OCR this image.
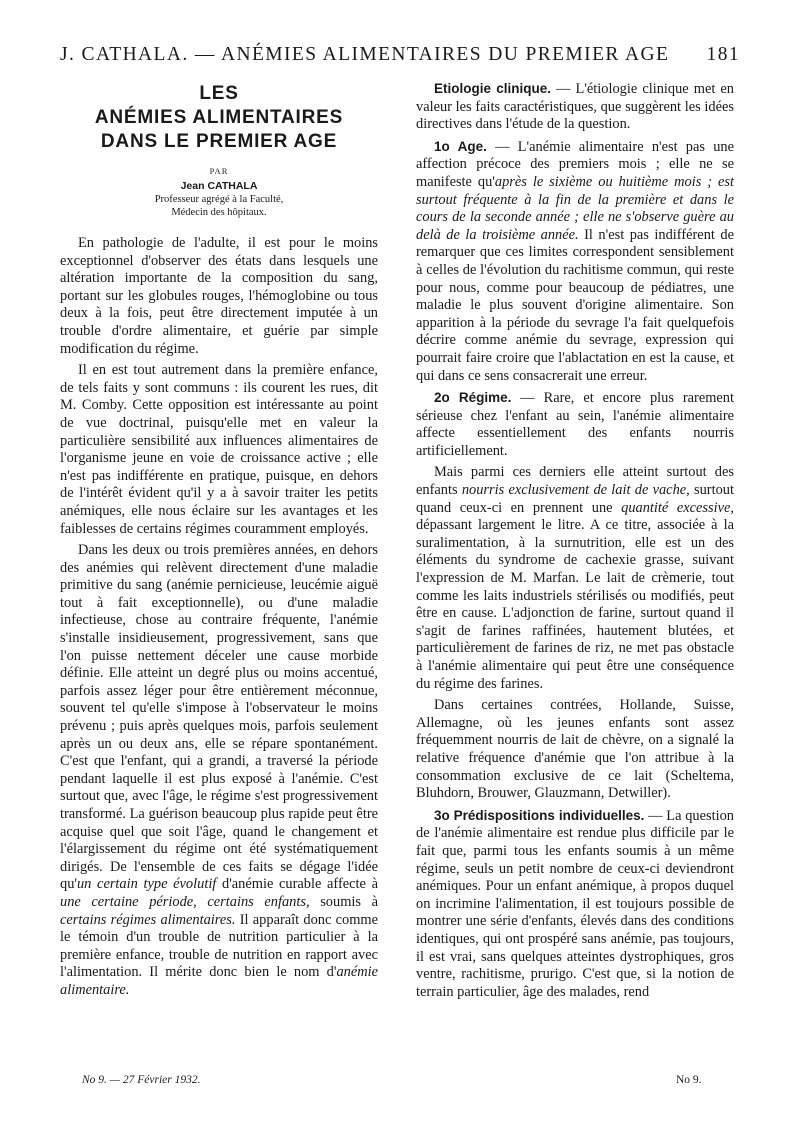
J. CATHALA. — ANÉMIES ALIMENTAIRES DU PREMIER AGE 181
LES
ANÉMIES ALIMENTAIRES
DANS LE PREMIER AGE
PAR
Jean CATHALA
Professeur agrégé à la Faculté,
Médecin des hôpitaux.

En pathologie de l'adulte, il est pour le moins exceptionnel d'observer des états dans lesquels une altération importante de la composition du sang, portant sur les globules rouges, l'hémoglobine ou tous deux à la fois, peut être directement imputée à un trouble d'ordre alimentaire, et guérie par simple modification du régime.

Il en est tout autrement dans la première enfance, de tels faits y sont communs : ils courent les rues, dit M. Comby. Cette opposition est intéressante au point de vue doctrinal, puisqu'elle met en valeur la particulière sensibilité aux influences alimentaires de l'organisme jeune en voie de croissance active ; elle n'est pas indifférente en pratique, puisque, en dehors de l'intérêt évident qu'il y a à savoir traiter les petits anémiques, elle nous éclaire sur les avantages et les faiblesses de certains régimes couramment employés.

Dans les deux ou trois premières années, en dehors des anémies qui relèvent directement d'une maladie primitive du sang (anémie pernicieuse, leucémie aiguë tout à fait exceptionnelle), ou d'une maladie infectieuse, chose au contraire fréquente, l'anémie s'installe insidieusement, progressivement, sans que l'on puisse nettement déceler une cause morbide définie. Elle atteint un degré plus ou moins accentué, parfois assez léger pour être entièrement méconnue, souvent tel qu'elle s'impose à l'observateur le moins prévenu ; puis après quelques mois, parfois seulement après un ou deux ans, elle se répare spontanément. C'est que l'enfant, qui a grandi, a traversé la période pendant laquelle il est plus exposé à l'anémie. C'est surtout que, avec l'âge, le régime s'est progressivement transformé. La guérison beaucoup plus rapide peut être acquise quel que soit l'âge, quand le changement et l'élargissement du régime ont été systématiquement dirigés. De l'ensemble de ces faits se dégage l'idée qu'un certain type évolutif d'anémie curable affecte à une certaine période, certains enfants, soumis à certains régimes alimentaires. Il apparaît donc comme le témoin d'un trouble de nutrition particulier à la première enfance, trouble de nutrition en rapport avec l'alimentation. Il mérite donc bien le nom d'anémie alimentaire.

Etiologie clinique. — L'étiologie clinique met en valeur les faits caractéristiques, que suggèrent les idées directives dans l'étude de la question.

1o Age. — L'anémie alimentaire n'est pas une affection précoce des premiers mois ; elle ne se manifeste qu'après le sixième ou huitième mois ; est surtout fréquente à la fin de la première et dans le cours de la seconde année ; elle ne s'observe guère au delà de la troisième année. Il n'est pas indifférent de remarquer que ces limites correspondent sensiblement à celles de l'évolution du rachitisme commun, qui reste pour nous, comme pour beaucoup de pédiatres, une maladie le plus souvent d'origine alimentaire. Son apparition à la période du sevrage l'a fait quelquefois décrire comme anémie du sevrage, expression qui pourrait faire croire que l'ablactation en est la cause, et qui dans ce sens consacrerait une erreur.

2o Régime. — Rare, et encore plus rarement sérieuse chez l'enfant au sein, l'anémie alimentaire affecte essentiellement des enfants nourris artificiellement.

Mais parmi ces derniers elle atteint surtout des enfants nourris exclusivement de lait de vache, surtout quand ceux-ci en prennent une quantité excessive, dépassant largement le litre. A ce titre, associée à la suralimentation, à la surnutrition, elle est un des éléments du syndrome de cachexie grasse, suivant l'expression de M. Marfan. Le lait de crèmerie, tout comme les laits industriels stérilisés ou modifiés, peut être en cause. L'adjonction de farine, surtout quand il s'agit de farines raffinées, hautement blutées, et particulièrement de farines de riz, ne met pas obstacle à l'anémie alimentaire qui peut être une conséquence du régime des farines.

Dans certaines contrées, Hollande, Suisse, Allemagne, où les jeunes enfants sont assez fréquemment nourris de lait de chèvre, on a signalé la relative fréquence d'anémie que l'on attribue à la consommation exclusive de ce lait (Scheltema, Bluhdorn, Brouwer, Glauzmann, Detwiller).

3o Prédispositions individuelles. — La question de l'anémie alimentaire est rendue plus difficile par le fait que, parmi tous les enfants soumis à un même régime, seuls un petit nombre de ceux-ci deviendront anémiques. Pour un enfant anémique, à propos duquel on incrimine l'alimentation, il est toujours possible de montrer une série d'enfants, élevés dans des conditions identiques, qui ont prospéré sans anémie, pas toujours, il est vrai, sans quelques atteintes dystrophiques, gros ventre, rachitisme, prurigo. C'est que, si la notion de terrain particulier, âge des malades, rend

No 9. — 27 Février 1932.	No 9.
